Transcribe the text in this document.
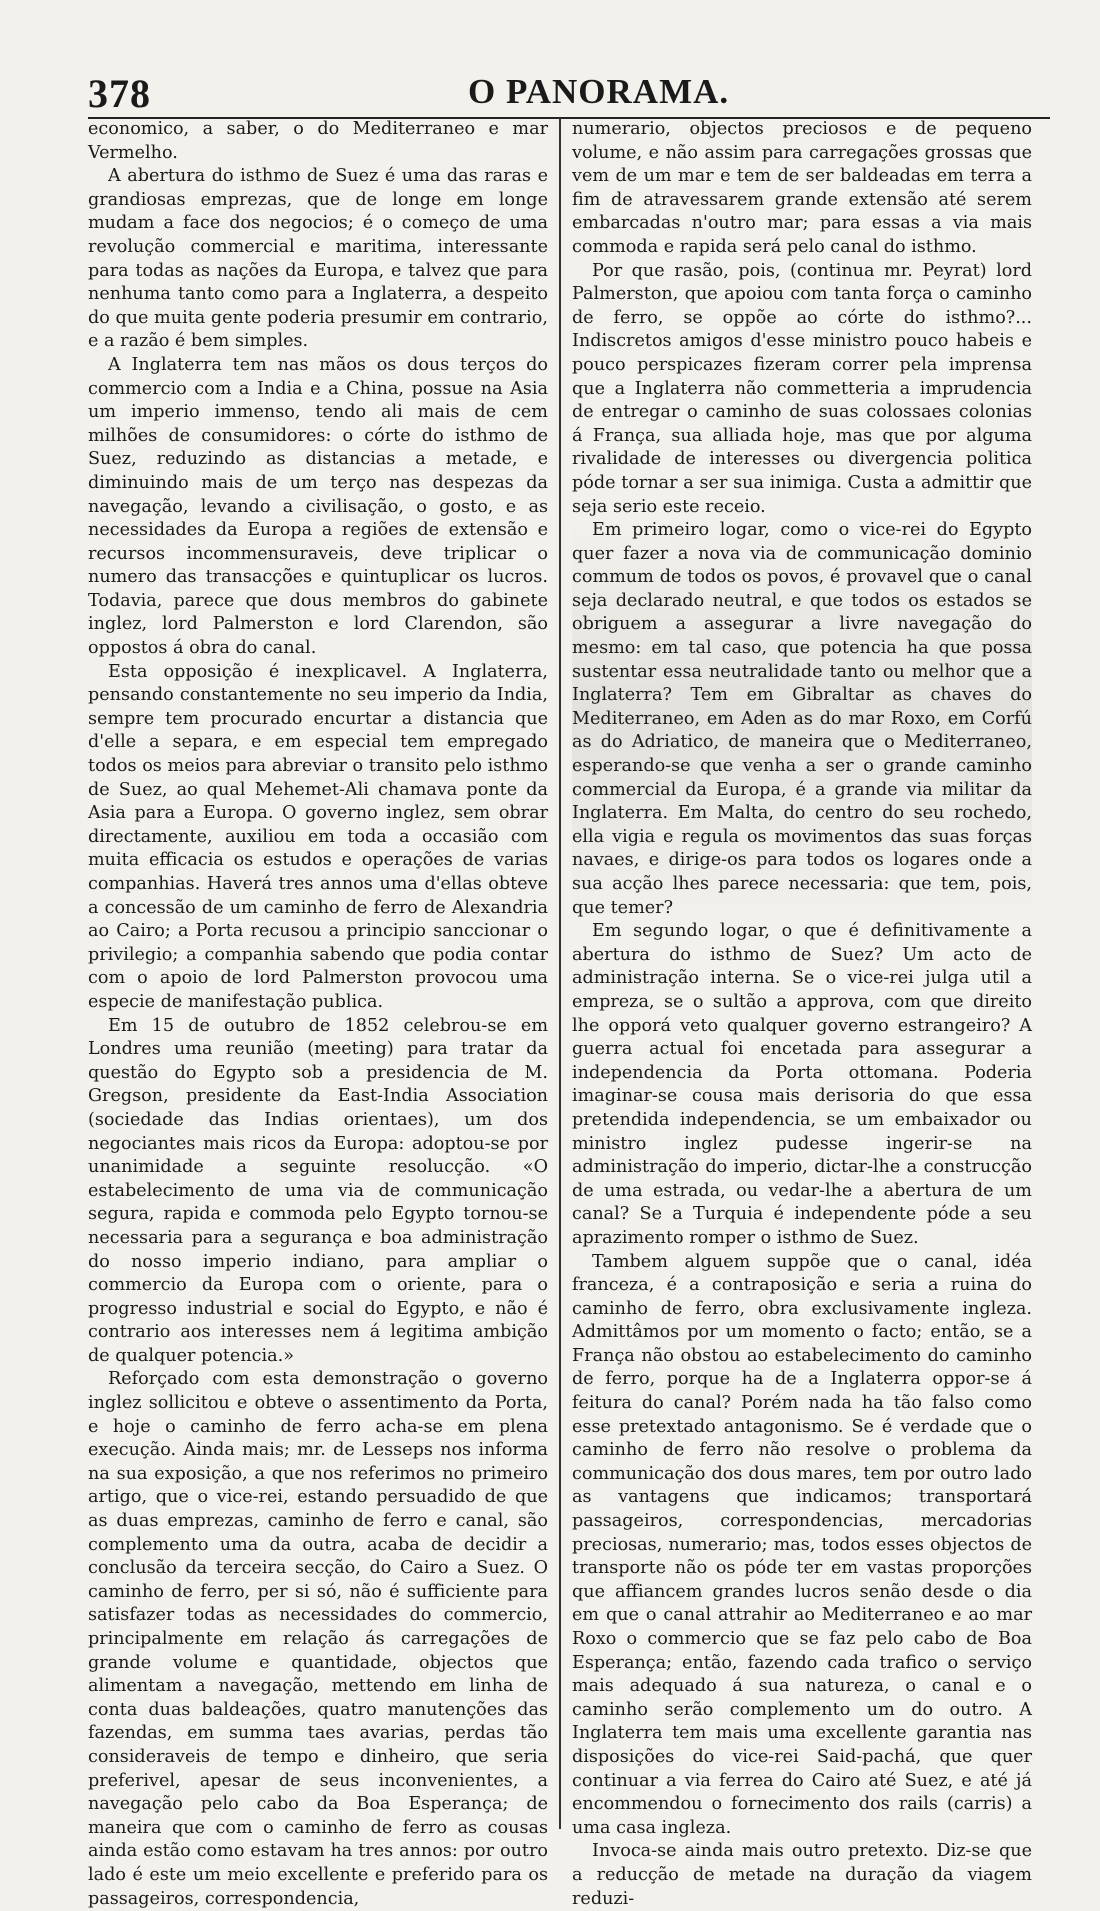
378	O PANORAMA.

economico, a saber, o do Mediterraneo e mar Vermelho.

A abertura do isthmo de Suez é uma das raras e grandiosas emprezas, que de longe em longe mudam a face dos negocios; é o começo de uma revolução commercial e maritima, interessante para todas as nações da Europa, e talvez que para nenhuma tanto como para a Inglaterra, a despeito do que muita gente poderia presumir em contrario, e a razão é bem simples.

A Inglaterra tem nas mãos os dous terços do commercio com a India e a China, possue na Asia um imperio immenso, tendo ali mais de cem milhões de consumidores: o córte do isthmo de Suez, reduzindo as distancias a metade, e diminuindo mais de um terço nas despezas da navegação, levando a civilisação, o gosto, e as necessidades da Europa a regiões de extensão e recursos incommensuraveis, deve triplicar o numero das transacções e quintuplicar os lucros. Todavia, parece que dous membros do gabinete inglez, lord Palmerston e lord Clarendon, são oppostos á obra do canal.

Esta opposição é inexplicavel. A Inglaterra, pensando constantemente no seu imperio da India, sempre tem procurado encurtar a distancia que d'elle a separa, e em especial tem empregado todos os meios para abreviar o transito pelo isthmo de Suez, ao qual Mehemet-Ali chamava ponte da Asia para a Europa. O governo inglez, sem obrar directamente, auxiliou em toda a occasião com muita efficacia os estudos e operações de varias companhias. Haverá tres annos uma d'ellas obteve a concessão de um caminho de ferro de Alexandria ao Cairo; a Porta recusou a principio sanccionar o privilegio; a companhia sabendo que podia contar com o apoio de lord Palmerston provocou uma especie de manifestação publica.

Em 15 de outubro de 1852 celebrou-se em Londres uma reunião (meeting) para tratar da questão do Egypto sob a presidencia de M. Gregson, presidente da East-India Association (sociedade das Indias orientaes), um dos negociantes mais ricos da Europa: adoptou-se por unanimidade a seguinte resolucção. «O estabelecimento de uma via de communicação segura, rapida e commoda pelo Egypto tornou-se necessaria para a segurança e boa administração do nosso imperio indiano, para ampliar o commercio da Europa com o oriente, para o progresso industrial e social do Egypto, e não é contrario aos interesses nem á legitima ambição de qualquer potencia.»

Reforçado com esta demonstração o governo inglez sollicitou e obteve o assentimento da Porta, e hoje o caminho de ferro acha-se em plena execução. Ainda mais; mr. de Lesseps nos informa na sua exposição, a que nos referimos no primeiro artigo, que o vice-rei, estando persuadido de que as duas emprezas, caminho de ferro e canal, são complemento uma da outra, acaba de decidir a conclusão da terceira secção, do Cairo a Suez. O caminho de ferro, per si só, não é sufficiente para satisfazer todas as necessidades do commercio, principalmente em relação ás carregações de grande volume e quantidade, objectos que alimentam a navegação, mettendo em linha de conta duas baldeações, quatro manutenções das fazendas, em summa taes avarias, perdas tão consideraveis de tempo e dinheiro, que seria preferivel, apesar de seus inconvenientes, a navegação pelo cabo da Boa Esperança; de maneira que com o caminho de ferro as cousas ainda estão como estavam ha tres annos: por outro lado é este um meio excellente e preferido para os passageiros, correspondencia,

numerario, objectos preciosos e de pequeno volume, e não assim para carregações grossas que vem de um mar e tem de ser baldeadas em terra a fim de atravessarem grande extensão até serem embarcadas n'outro mar; para essas a via mais commoda e rapida será pelo canal do isthmo.

Por que rasão, pois, (continua mr. Peyrat) lord Palmerston, que apoiou com tanta força o caminho de ferro, se oppõe ao córte do isthmo?... Indiscretos amigos d'esse ministro pouco habeis e pouco perspicazes fizeram correr pela imprensa que a Inglaterra não commetteria a imprudencia de entregar o caminho de suas colossaes colonias á França, sua alliada hoje, mas que por alguma rivalidade de interesses ou divergencia politica póde tornar a ser sua inimiga. Custa a admittir que seja serio este receio.

Em primeiro logar, como o vice-rei do Egypto quer fazer a nova via de communicação dominio commum de todos os povos, é provavel que o canal seja declarado neutral, e que todos os estados se obriguem a assegurar a livre navegação do mesmo: em tal caso, que potencia ha que possa sustentar essa neutralidade tanto ou melhor que a Inglaterra? Tem em Gibraltar as chaves do Mediterraneo, em Aden as do mar Roxo, em Corfú as do Adriatico, de maneira que o Mediterraneo, esperando-se que venha a ser o grande caminho commercial da Europa, é a grande via militar da Inglaterra. Em Malta, do centro do seu rochedo, ella vigia e regula os movimentos das suas forças navaes, e dirige-os para todos os logares onde a sua acção lhes parece necessaria: que tem, pois, que temer?

Em segundo logar, o que é definitivamente a abertura do isthmo de Suez? Um acto de administração interna. Se o vice-rei julga util a empreza, se o sultão a approva, com que direito lhe opporá veto qualquer governo estrangeiro? A guerra actual foi encetada para assegurar a independencia da Porta ottomana. Poderia imaginar-se cousa mais derisoria do que essa pretendida independencia, se um embaixador ou ministro inglez pudesse ingerir-se na administração do imperio, dictar-lhe a construcção de uma estrada, ou vedar-lhe a abertura de um canal? Se a Turquia é independente póde a seu aprazimento romper o isthmo de Suez.

Tambem alguem suppõe que o canal, idéa franceza, é a contraposição e seria a ruina do caminho de ferro, obra exclusivamente ingleza. Admittâmos por um momento o facto; então, se a França não obstou ao estabelecimento do caminho de ferro, porque ha de a Inglaterra oppor-se á feitura do canal? Porém nada ha tão falso como esse pretextado antagonismo. Se é verdade que o caminho de ferro não resolve o problema da communicação dos dous mares, tem por outro lado as vantagens que indicamos; transportará passageiros, correspondencias, mercadorias preciosas, numerario; mas, todos esses objectos de transporte não os póde ter em vastas proporções que affiancem grandes lucros senão desde o dia em que o canal attrahir ao Mediterraneo e ao mar Roxo o commercio que se faz pelo cabo de Boa Esperança; então, fazendo cada trafico o serviço mais adequado á sua natureza, o canal e o caminho serão complemento um do outro. A Inglaterra tem mais uma excellente garantia nas disposições do vice-rei Said-pachá, que quer continuar a via ferrea do Cairo até Suez, e até já encommendou o fornecimento dos rails (carris) a uma casa ingleza.

Invoca-se ainda mais outro pretexto. Diz-se que a reducção de metade na duração da viagem reduzi-
